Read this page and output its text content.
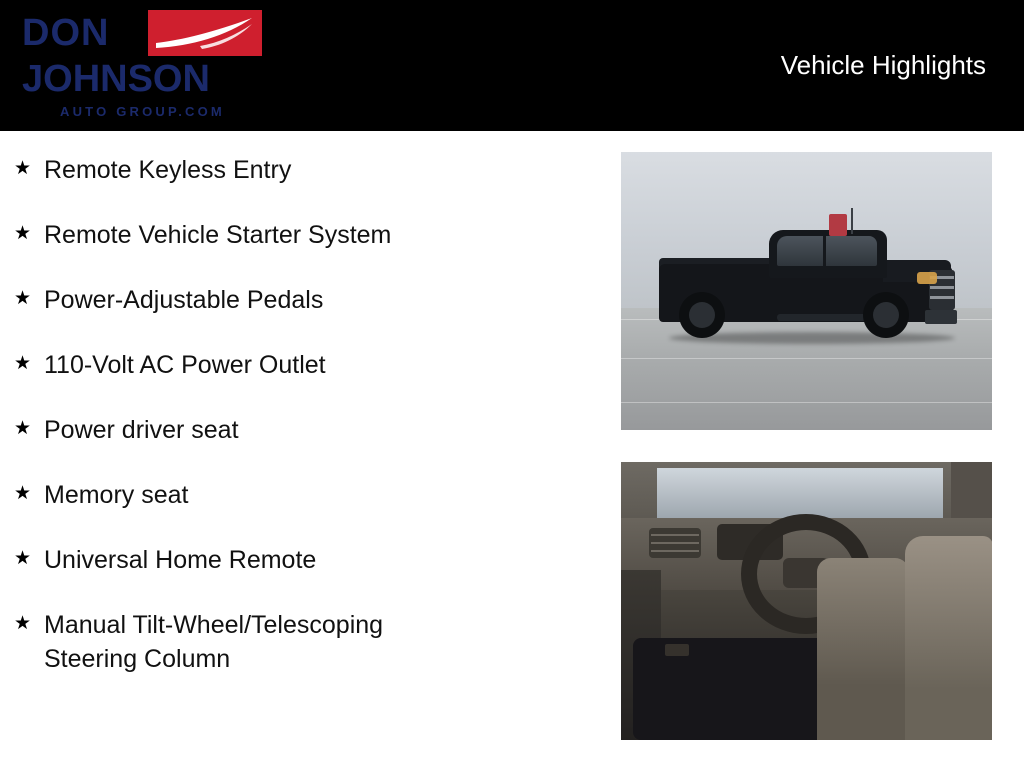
DON
JOHNSON
AUTO GROUP.COM
Vehicle Highlights
★ Remote Keyless Entry
★ Remote Vehicle Starter System
★ Power-Adjustable Pedals
★ 110-Volt AC Power Outlet
★ Power driver seat
★ Memory seat
★ Universal Home Remote
★ Manual Tilt-Wheel/Telescoping Steering Column
